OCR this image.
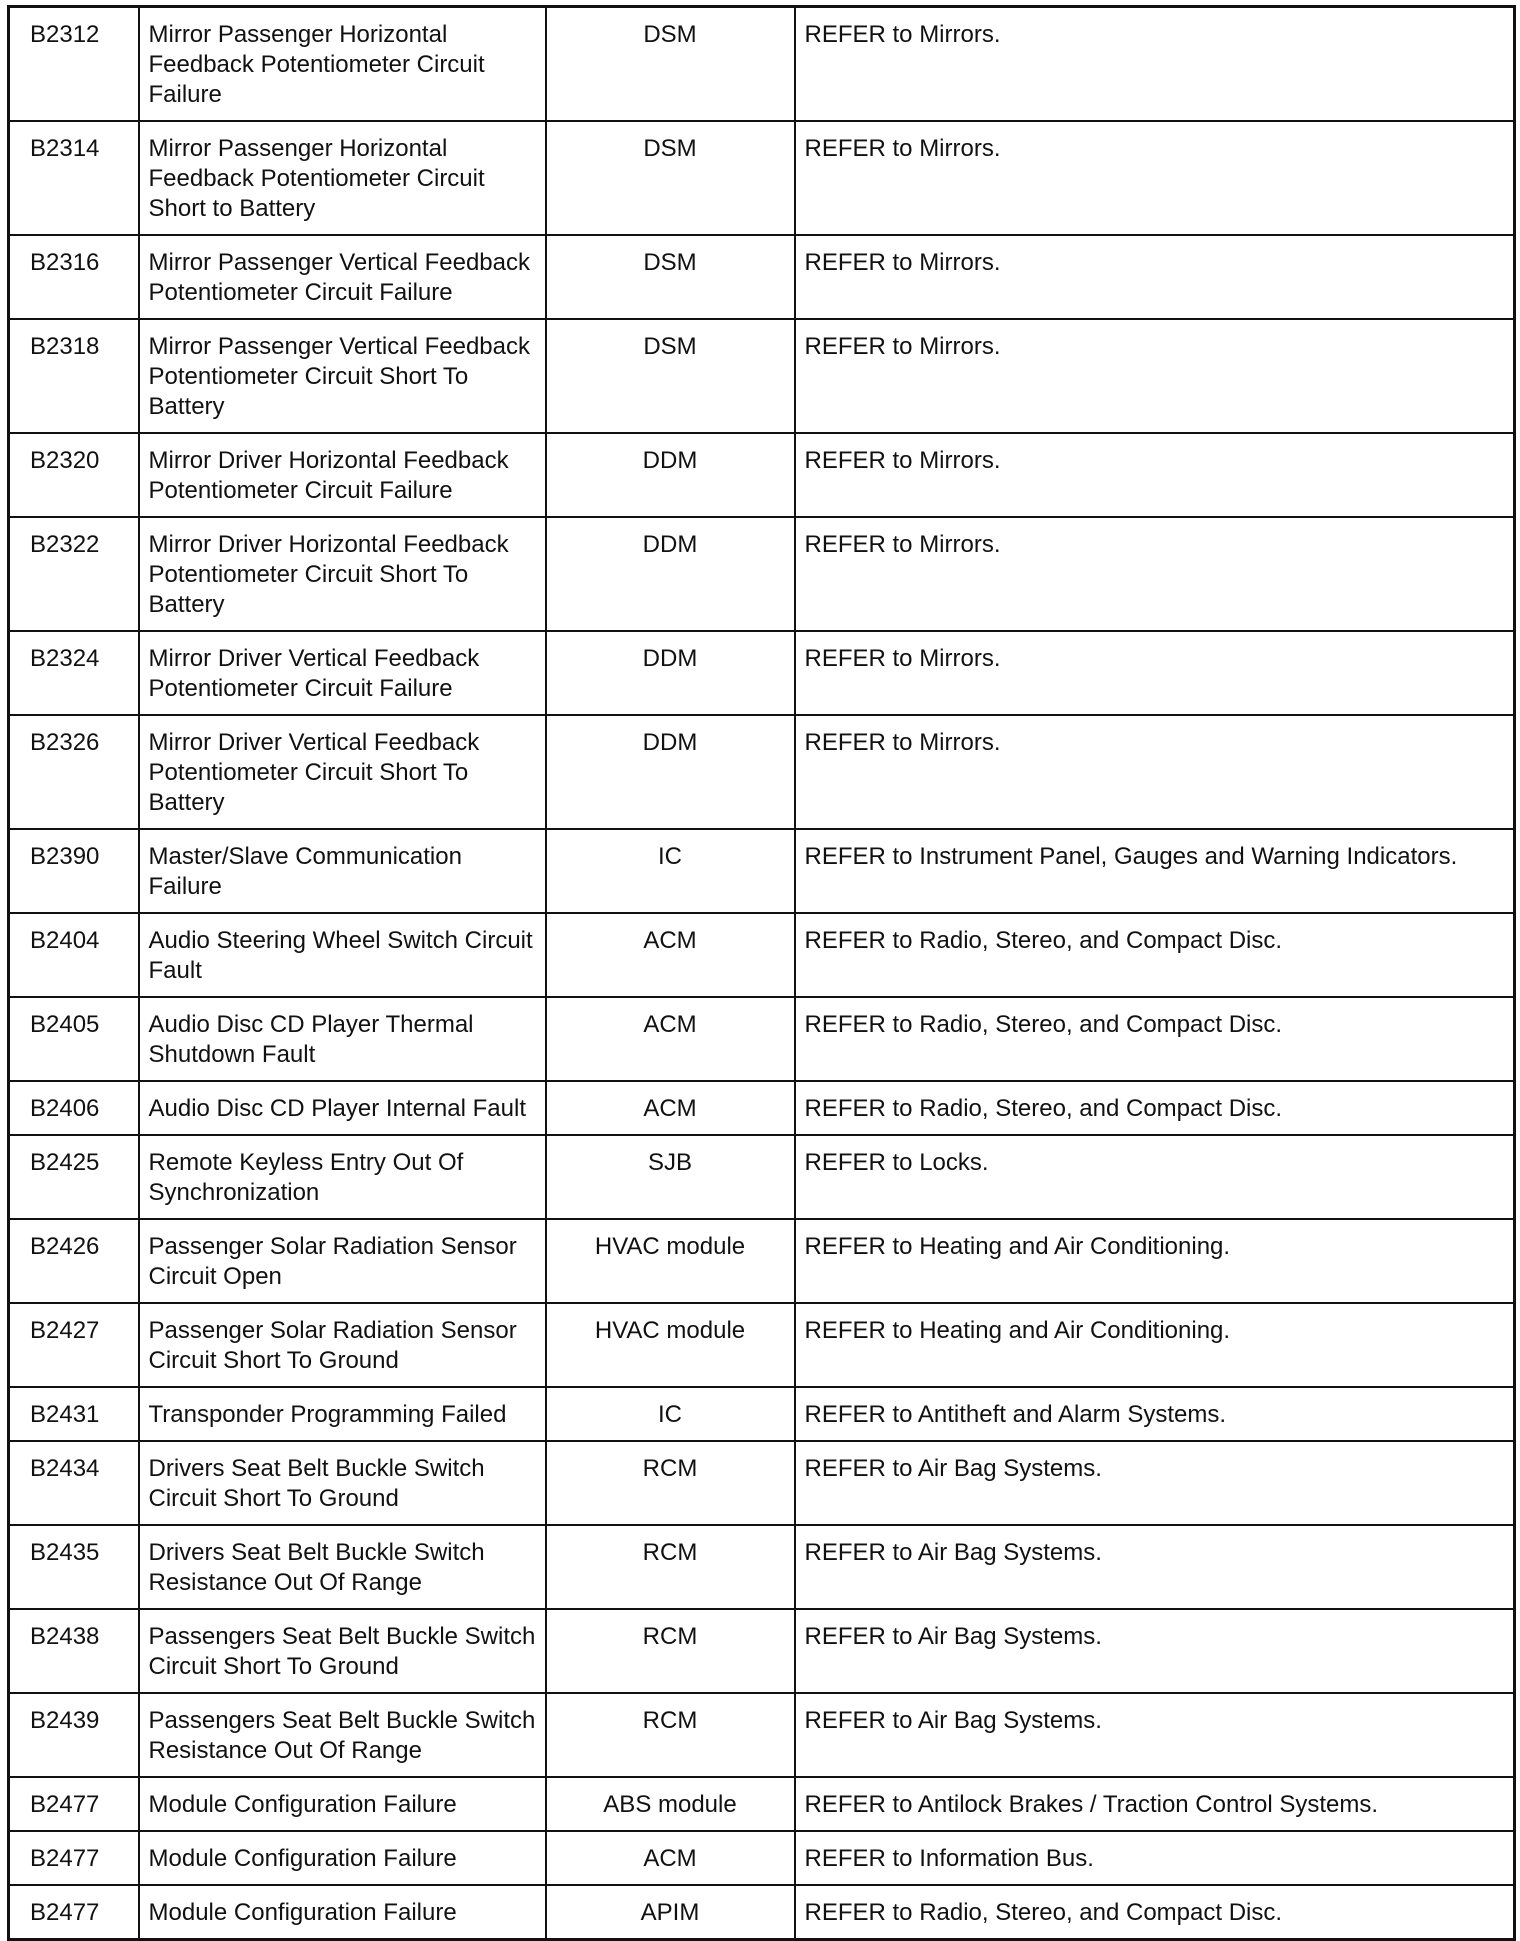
B2312	Mirror Passenger Horizontal Feedback Potentiometer Circuit Failure	DSM	REFER to Mirrors.
B2314	Mirror Passenger Horizontal Feedback Potentiometer Circuit Short to Battery	DSM	REFER to Mirrors.
B2316	Mirror Passenger Vertical Feedback Potentiometer Circuit Failure	DSM	REFER to Mirrors.
B2318	Mirror Passenger Vertical Feedback Potentiometer Circuit Short To Battery	DSM	REFER to Mirrors.
B2320	Mirror Driver Horizontal Feedback Potentiometer Circuit Failure	DDM	REFER to Mirrors.
B2322	Mirror Driver Horizontal Feedback Potentiometer Circuit Short To Battery	DDM	REFER to Mirrors.
B2324	Mirror Driver Vertical Feedback Potentiometer Circuit Failure	DDM	REFER to Mirrors.
B2326	Mirror Driver Vertical Feedback Potentiometer Circuit Short To Battery	DDM	REFER to Mirrors.
B2390	Master/Slave Communication Failure	IC	REFER to Instrument Panel, Gauges and Warning Indicators.
B2404	Audio Steering Wheel Switch Circuit Fault	ACM	REFER to Radio, Stereo, and Compact Disc.
B2405	Audio Disc CD Player Thermal Shutdown Fault	ACM	REFER to Radio, Stereo, and Compact Disc.
B2406	Audio Disc CD Player Internal Fault	ACM	REFER to Radio, Stereo, and Compact Disc.
B2425	Remote Keyless Entry Out Of Synchronization	SJB	REFER to Locks.
B2426	Passenger Solar Radiation Sensor Circuit Open	HVAC module	REFER to Heating and Air Conditioning.
B2427	Passenger Solar Radiation Sensor Circuit Short To Ground	HVAC module	REFER to Heating and Air Conditioning.
B2431	Transponder Programming Failed	IC	REFER to Antitheft and Alarm Systems.
B2434	Drivers Seat Belt Buckle Switch Circuit Short To Ground	RCM	REFER to Air Bag Systems.
B2435	Drivers Seat Belt Buckle Switch Resistance Out Of Range	RCM	REFER to Air Bag Systems.
B2438	Passengers Seat Belt Buckle Switch Circuit Short To Ground	RCM	REFER to Air Bag Systems.
B2439	Passengers Seat Belt Buckle Switch Resistance Out Of Range	RCM	REFER to Air Bag Systems.
B2477	Module Configuration Failure	ABS module	REFER to Antilock Brakes / Traction Control Systems.
B2477	Module Configuration Failure	ACM	REFER to Information Bus.
B2477	Module Configuration Failure	APIM	REFER to Radio, Stereo, and Compact Disc.
